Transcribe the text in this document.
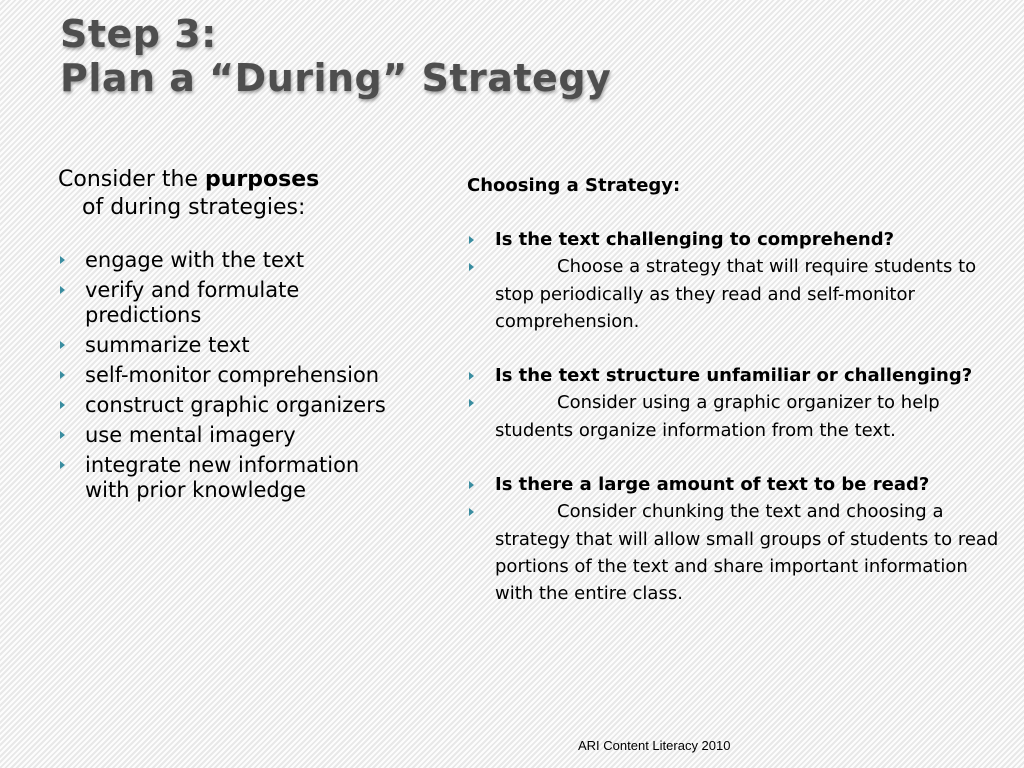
Step 3:
Plan a “During” Strategy

Consider the purposes
of during strategies:

engage with the text
verify and formulate predictions
summarize text
self-monitor comprehension
construct graphic organizers
use mental imagery
integrate new information with prior knowledge

Choosing a Strategy:

Is the text challenging to comprehend?
Choose a strategy that will require students to stop periodically as they read and self-monitor comprehension.
Is the text structure unfamiliar or challenging?
Consider using a graphic organizer to help students organize information from the text.
Is there a large amount of text to be read?
Consider chunking the text and choosing a strategy that will allow small groups of students to read portions of the text and share important information with the entire class.
ARI Content Literacy 2010
